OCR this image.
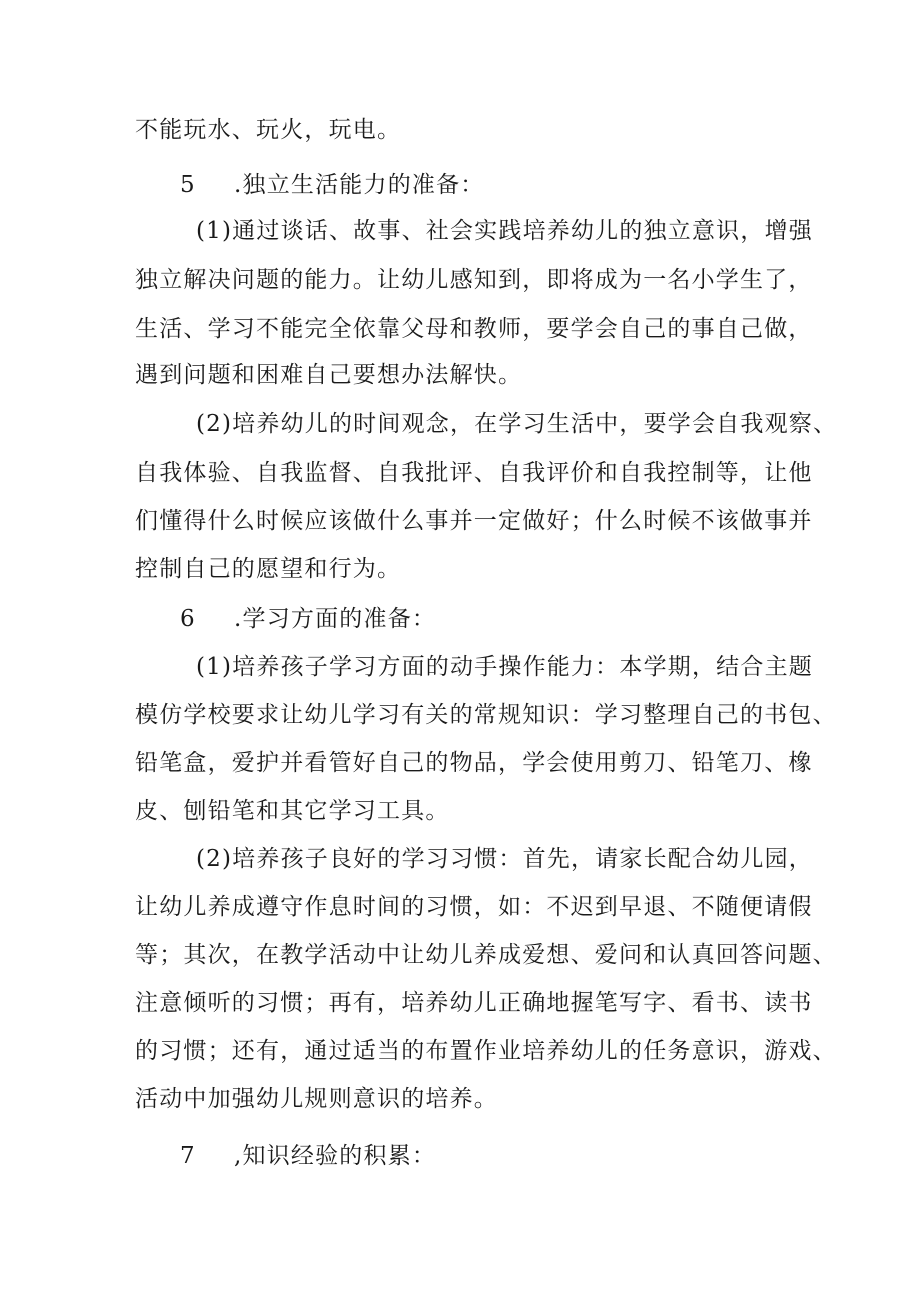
不能玩水、玩火，玩电。

5 .独立生活能力的准备：

(1)通过谈话、故事、社会实践培养幼儿的独立意识，增强

独立解决问题的能力。让幼儿感知到，即将成为一名小学生了，

生活、学习不能完全依靠父母和教师，要学会自己的事自己做，

遇到问题和困难自己要想办法解快。

(2)培养幼儿的时间观念，在学习生活中，要学会自我观察、

自我体验、自我监督、自我批评、自我评价和自我控制等，让他

们懂得什么时候应该做什么事并一定做好；什么时候不该做事并

控制自己的愿望和行为。

6 .学习方面的准备：

(1)培养孩子学习方面的动手操作能力：本学期，结合主题

模仿学校要求让幼儿学习有关的常规知识：学习整理自己的书包、

铅笔盒，爱护并看管好自己的物品，学会使用剪刀、铅笔刀、橡

皮、刨铅笔和其它学习工具。

(2)培养孩子良好的学习习惯：首先，请家长配合幼儿园，

让幼儿养成遵守作息时间的习惯，如：不迟到早退、不随便请假

等；其次，在教学活动中让幼儿养成爱想、爱问和认真回答问题、

注意倾听的习惯；再有，培养幼儿正确地握笔写字、看书、读书

的习惯；还有，通过适当的布置作业培养幼儿的任务意识，游戏、

活动中加强幼儿规则意识的培养。

7 ,知识经验的积累：
